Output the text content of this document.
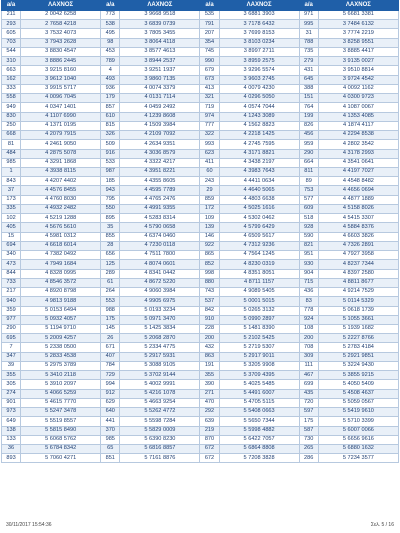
a/a	ΛΑΧΝΟΣ	a/a	ΛΑΧΝΟΣ	a/a	ΛΑΧΝΟΣ	a/a	ΛΑΧΝΟΣ
211	2 0042 6258	773	3 9668 9518	535	3 6881 3903	971	5 6681 3381
293	2 7658 4218	538	3 6839 0739	791	3 7178 6432	995	3 7484 6132
605	3 7532 4073	495	3 7805 3455	207	3 7699 8153	31	3 7774 2219
703	3 7943 2628	98	3 8064 4118	354	3 8103 0234	788	3 8258 9551
544	3 8830 4547	453	3 8577 4613	745	3 8997 2711	735	3 8885 4417
310	3 8886 2445	789	3 8944 2537	990	3 8959 2575	279	3 9135 0027
663	3 9215 8160	4	3 9251 1937	679	3 9296 5574	431	3 9510 8814
162	3 9612 1040	493	3 9860 7135	673	3 9603 2745	645	3 9724 4542
333	3 9915 5717	936	4 0074 3379	413	4 0079 4230	388	4 0092 1162
558	4 0096 7045	179	4 0131 7114	321	4 0296 5050	151	4 0300 9723
949	4 0347 1401	857	4 0459 2492	719	4 0574 7044	764	4 1087 0067
830	4 1107 6990	610	4 1239 8608	974	4 1243 3089	199	4 1353 4085
250	4 1371 0195	815	4 1509 3984	777	4 1562 8823	826	4 1874 4117
668	4 2079 7915	326	4 2109 7092	322	4 2218 1425	456	4 2294 8538
81	4 2461 9050	509	4 2634 9351	993	4 2745 7595	959	4 2802 3542
484	4 2875 5078	916	4 3036 8579	623	4 3171 8821	290	4 3178 2993
985	4 3291 1868	533	4 3322 4217	411	4 3438 2197	664	4 3541 0641
1	4 3938 8115	987	4 3951 8221	60	4 3983 7643	811	4 4197 7027
843	4 4207 4402	185	4 4355 8605	243	4 4411 0634	89	4 4548 8482
37	4 4576 8455	943	4 4595 7789	29	4 4640 5065	753	4 4656 0694
173	4 4760 8030	795	4 4765 2476	859	4 4803 6638	577	4 4877 1889
335	4 4932 2482	550	4 4991 9355	172	4 5025 1616	609	4 5158 8026
102	4 5219 1288	895	4 5283 8314	109	4 5302 0462	518	4 5415 3307
405	4 5676 5610	35	4 5790 0658	139	4 5799 6429	928	4 5884 8376
15	4 5981 0312	855	4 6374 0460	146	4 6509 5617	590	4 6603 3826
694	4 6618 6014	28	4 7230 0118	922	4 7312 9236	821	4 7326 2891
340	4 7382 0492	656	4 7511 7800	865	4 7564 1245	951	4 7927 3958
473	4 7949 1684	125	4 8074 0601	852	4 8230 0319	930	4 8237 7344
844	4 8328 0995	289	4 8341 0442	998	4 8351 8051	904	4 8397 2580
733	4 8546 3572	61	4 8672 5220	880	4 8711 1157	715	4 8811 8677
217	4 8920 8798	264	4 9060 3984	743	4 9089 5405	436	4 9214 7529
940	4 9813 9188	553	4 9905 6975	537	5 0001 5015	83	5 0114 5329
359	5 0153 6494	988	5 0193 3234	842	5 0265 3132	778	5 0618 1739
977	5 0932 4057	175	5 0971 3470	910	5 0990 2897	924	5 1055 3661
290	5 1194 9710	145	5 1425 3834	228	5 1481 8390	108	5 1939 1682
695	5 2009 4257	26	5 2068 2870	200	5 2102 5425	200	5 2227 8766
7	5 2338 0500	671	5 2334 4775	432	5 2719 5307	708	5 2783 4184
347	5 2833 4538	407	5 2917 5931	863	5 2917 9011	309	5 2921 9851
39	5 2975 3789	784	5 3088 9105	191	5 3205 9908	111	5 3224 9430
355	5 3410 2118	729	5 3702 9144	355	5 3709 4395	467	5 3855 9215
305	5 3910 2097	994	5 4002 9991	390	5 4025 5485	699	5 4050 5409
274	5 4066 5259	912	5 4216 1078	271	5 4491 6007	435	5 4508 4637
901	5 4615 7770	629	5 4663 9254	470	5 4705 5115	720	5 5059 0567
973	5 5247 3478	640	5 5262 4772	292	5 5408 0663	597	5 5419 9610
649	5 5519 8557	441	5 5598 7284	639	5 5650 7344	175	5 5710 3399
138	5 5815 8490	370	5 5829 0009	219	5 5998 4882	587	5 6007 0066
133	5 6068 5762	985	5 6390 8230	870	5 6422 7057	730	5 6656 9616
36	5 6784 8342	65	5 6816 8857	672	5 6864 8808	265	5 6880 1632
893	5 7060 4271	851	5 7161 8876	672	5 7208 3828	286	5 7234 3577
30/11/2017 15:54:36	Σελ. 5 / 16
